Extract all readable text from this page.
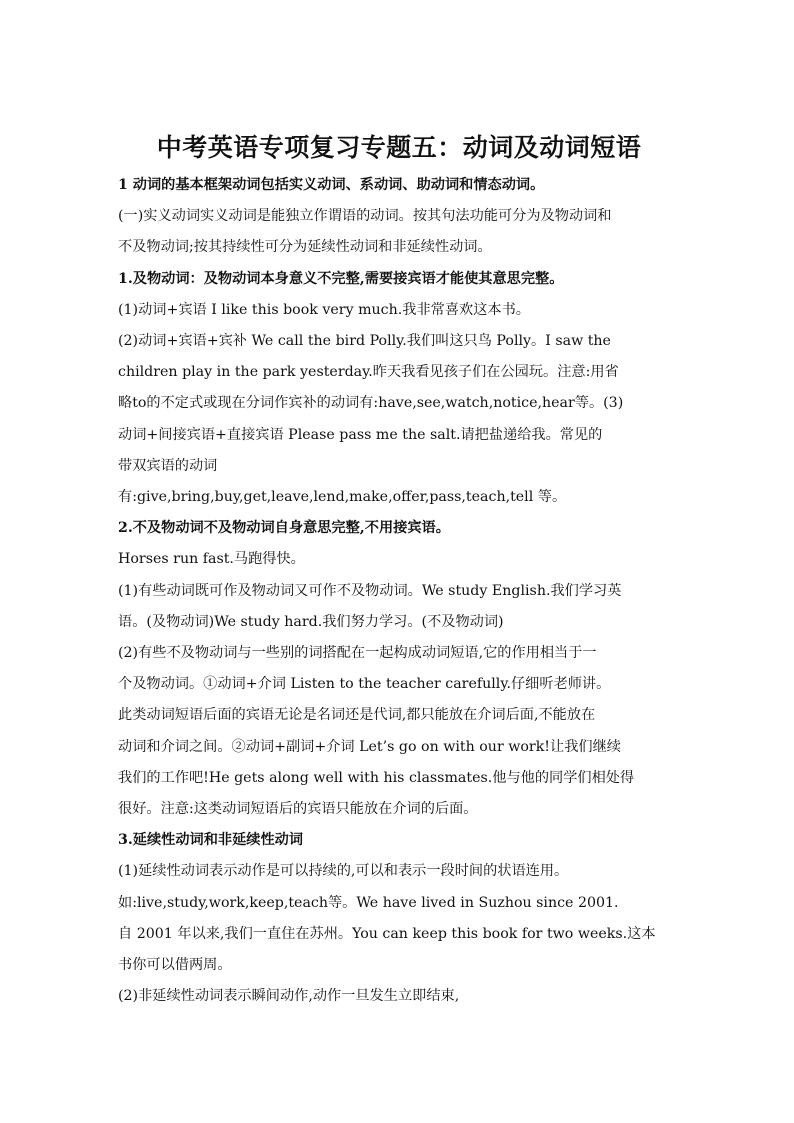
中考英语专项复习专题五：动词及动词短语
1 动词的基本框架动词包括实义动词、系动词、助动词和情态动词。
(一)实义动词实义动词是能独立作谓语的动词。按其句法功能可分为及物动词和
不及物动词;按其持续性可分为延续性动词和非延续性动词。
1.及物动词：及物动词本身意义不完整,需要接宾语才能使其意思完整。
(1)动词+宾语 I like this book very much.我非常喜欢这本书。
(2)动词+宾语+宾补 We call the bird Polly.我们叫这只鸟 Polly。I saw the
children play in the park yesterday.昨天我看见孩子们在公园玩。注意:用省
略to的不定式或现在分词作宾补的动词有:have,see,watch,notice,hear等。(3)
动词+间接宾语+直接宾语 Please pass me the salt.请把盐递给我。常见的
带双宾语的动词
有:give,bring,buy,get,leave,lend,make,offer,pass,teach,tell 等。
2.不及物动词不及物动词自身意思完整,不用接宾语。
Horses run fast.马跑得快。
(1)有些动词既可作及物动词又可作不及物动词。We study English.我们学习英
语。(及物动词)We study hard.我们努力学习。(不及物动词)
(2)有些不及物动词与一些别的词搭配在一起构成动词短语,它的作用相当于一
个及物动词。①动词+介词 Listen to the teacher carefully.仔细听老师讲。
此类动词短语后面的宾语无论是名词还是代词,都只能放在介词后面,不能放在
动词和介词之间。②动词+副词+介词 Let’s go on with our work!让我们继续
我们的工作吧!He gets along well with his classmates.他与他的同学们相处得
很好。注意:这类动词短语后的宾语只能放在介词的后面。
3.延续性动词和非延续性动词
(1)延续性动词表示动作是可以持续的,可以和表示一段时间的状语连用。
如:live,study,work,keep,teach等。We have lived in Suzhou since 2001.
自 2001 年以来,我们一直住在苏州。You can keep this book for two weeks.这本
书你可以借两周。
(2)非延续性动词表示瞬间动作,动作一旦发生立即结束,
